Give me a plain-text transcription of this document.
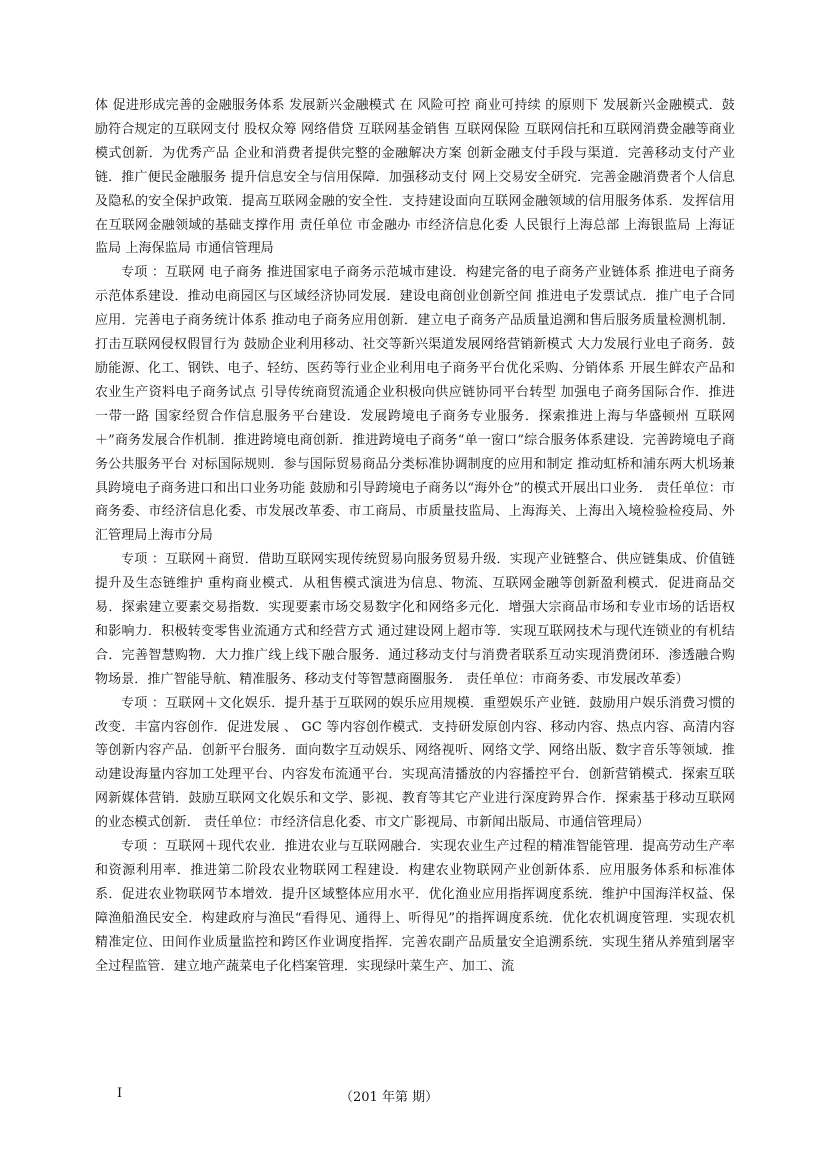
体 促进形成完善的金融服务体系 发展新兴金融模式 在 风险可控 商业可持续 的原则下 发展新兴金融模式．鼓励符合规定的互联网支付 股权众筹 网络借贷 互联网基金销售 互联网保险 互联网信托和互联网消费金融等商业模式创新．为优秀产品 企业和消费者提供完整的金融解决方案 创新金融支付手段与渠道．完善移动支付产业链．推广便民金融服务 提升信息安全与信用保障．加强移动支付 网上交易安全研究．完善金融消费者个人信息及隐私的安全保护政策．提高互联网金融的安全性．支持建设面向互联网金融领域的信用服务体系．发挥信用在互联网金融领域的基础支撑作用 责任单位 市金融办 市经济信息化委 人民银行上海总部 上海银监局 上海证监局 上海保监局 市通信管理局

专项 ：互联网 电子商务 推进国家电子商务示范城市建设．构建完备的电子商务产业链体系 推进电子商务示范体系建设．推动电商园区与区域经济协同发展．建设电商创业创新空间 推进电子发票试点．推广电子合同应用．完善电子商务统计体系 推动电子商务应用创新．建立电子商务产品质量追溯和售后服务质量检测机制．打击互联网侵权假冒行为 鼓励企业利用移动、社交等新兴渠道发展网络营销新模式 大力发展行业电子商务．鼓励能源、化工、钢铁、电子、轻纺、医药等行业企业利用电子商务平台优化采购、分销体系 开展生鲜农产品和农业生产资料电子商务试点 引导传统商贸流通企业积极向供应链协同平台转型 加强电子商务国际合作．推进 一带一路 国家经贸合作信息服务平台建设．发展跨境电子商务专业服务．探索推进上海与华盛顿州 互联网＋”商务发展合作机制．推进跨境电商创新．推进跨境电子商务“单一窗口”综合服务体系建设．完善跨境电子商务公共服务平台 对标国际规则．参与国际贸易商品分类标准协调制度的应用和制定 推动虹桥和浦东两大机场兼具跨境电子商务进口和出口业务功能 鼓励和引导跨境电子商务以“海外仓”的模式开展出口业务． 责任单位：市商务委、市经济信息化委、市发展改革委、市工商局、市质量技监局、上海海关、上海出入境检验检疫局、外汇管理局上海市分局

专项 ：互联网＋商贸．借助互联网实现传统贸易向服务贸易升级．实现产业链整合、供应链集成、价值链提升及生态链维护 重构商业模式．从租售模式演进为信息、物流、互联网金融等创新盈利模式．促进商品交易．探索建立要素交易指数．实现要素市场交易数字化和网络多元化．增强大宗商品市场和专业市场的话语权和影响力．积极转变零售业流通方式和经营方式 通过建设网上超市等．实现互联网技术与现代连锁业的有机结合．完善智慧购物．大力推广线上线下融合服务．通过移动支付与消费者联系互动实现消费闭环．渗透融合购物场景．推广智能导航、精准服务、移动支付等智慧商圈服务． 责任单位：市商务委、市发展改革委）

专项 ：互联网＋文化娱乐．提升基于互联网的娱乐应用规模．重塑娱乐产业链．鼓励用户娱乐消费习惯的改变．丰富内容创作．促进发展 、 GC 等内容创作模式．支持研发原创内容、移动内容、热点内容、高清内容等创新内容产品．创新平台服务．面向数字互动娱乐、网络视听、网络文学、网络出版、数字音乐等领域．推动建设海量内容加工处理平台、内容发布流通平台．实现高清播放的内容播控平台．创新营销模式．探索互联网新媒体营销．鼓励互联网文化娱乐和文学、影视、教育等其它产业进行深度跨界合作．探索基于移动互联网的业态模式创新． 责任单位：市经济信息化委、市文广影视局、市新闻出版局、市通信管理局）

专项 ：互联网＋现代农业．推进农业与互联网融合．实现农业生产过程的精准智能管理．提高劳动生产率和资源利用率．推进第二阶段农业物联网工程建设．构建农业物联网产业创新体系．应用服务体系和标准体系．促进农业物联网节本增效．提升区域整体应用水平．优化渔业应用指挥调度系统．维护中国海洋权益、保障渔船渔民安全．构建政府与渔民“看得见、通得上、听得见”的指挥调度系统．优化农机调度管理．实现农机精准定位、田间作业质量监控和跨区作业调度指挥．完善农副产品质量安全追溯系统．实现生猪从养殖到屠宰全过程监管．建立地产蔬菜电子化档案管理．实现绿叶菜生产、加工、流

I	（201 年第 期）
